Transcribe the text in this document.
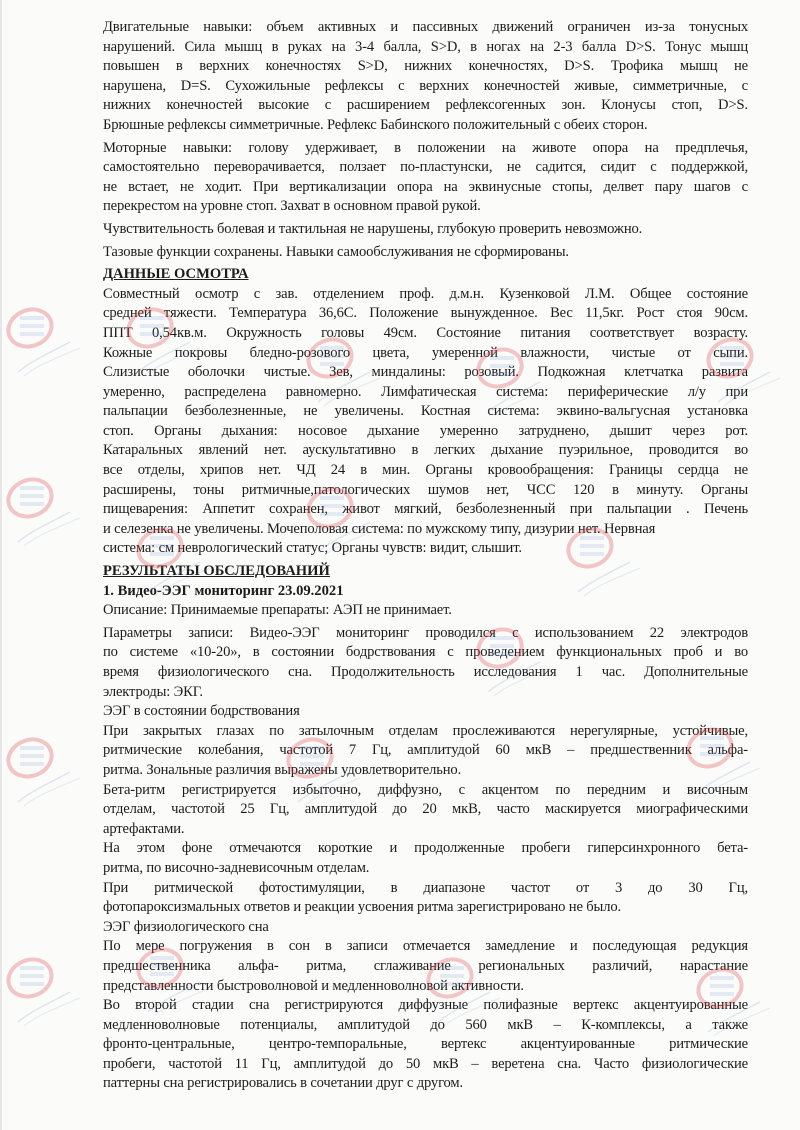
Двигательные навыки: объем активных и пассивных движений ограничен из-за тонусных
нарушений. Сила мышц в руках на 3-4 балла, S>D, в ногах на 2-3 балла D>S. Тонус мышц
повышен в верхних конечностях S>D, нижних конечностях, D>S. Трофика мышц не
нарушена, D=S. Сухожильные рефлексы с верхних конечностей живые, симметричные, с
нижних конечностей высокие с расширением рефлексогенных зон. Клонусы стоп, D>S.
Брюшные рефлексы симметричные. Рефлекс Бабинского положительный с обеих сторон.
Моторные навыки: голову удерживает, в положении на животе опора на предплечья,
самостоятельно переворачивается, ползает по-пластунски, не садится, сидит с поддержкой,
не встает, не ходит. При вертикализации опора на эквинусные стопы, делвет пару шагов с
перекрестом на уровне стоп. Захват в основном правой рукой.
Чувствительность болевая и тактильная не нарушены, глубокую проверить невозможно.
Тазовые функции сохранены. Навыки самообслуживания не сформированы.
ДАННЫЕ ОСМОТРА
Совместный осмотр с зав. отделением проф. д.м.н. Кузенковой Л.М. Общее состояние
средней тяжести. Температура 36,6С. Положение вынужденное. Вес 11,5кг. Рост стоя 90см.
ППТ 0,54кв.м. Окружность головы 49см. Состояние питания соответствует возрасту.
Кожные покровы бледно-розового цвета, умеренной влажности, чистые от сыпи.
Слизистые оболочки чистые. Зев, миндалины: розовый. Подкожная клетчатка развита
умеренно, распределена равномерно. Лимфатическая система: периферические л/у при
пальпации безболезненные, не увеличены. Костная система: эквино-вальгусная установка
стоп. Органы дыхания: носовое дыхание умеренно затруднено, дышит через рот.
Катаральных явлений нет. аускультативно в легких дыхание пуэрильное, проводится во
все отделы, хрипов нет. ЧД 24 в мин. Органы кровообращения: Границы сердца не
расширены, тоны ритмичные,патологических шумов нет, ЧСС 120 в минуту. Органы
пищеварения: Аппетит сохранен, живот мягкий, безболезненный при пальпации . Печень
и селезенка не увеличены. Мочеполовая система: по мужскому типу, дизурии нет. Нервная
система: см неврологический статус; Органы чувств: видит, слышит.
РЕЗУЛЬТАТЫ ОБСЛЕДОВАНИЙ
1. Видео-ЭЭГ мониторинг 23.09.2021
Описание: Принимаемые препараты: АЭП не принимает.
Параметры записи: Видео-ЭЭГ мониторинг проводился с использованием 22 электродов
по системе «10-20», в состоянии бодрствования с проведением функциональных проб и во
время физиологического сна. Продолжительность исследования 1 час. Дополнительные
электроды: ЭКГ.
ЭЭГ в состоянии бодрствования
При закрытых глазах по затылочным отделам прослеживаются нерегулярные, устойчивые,
ритмические колебания, частотой 7 Гц, амплитудой 60 мкВ – предшественник альфа-
ритма. Зональные различия выражены удовлетворительно.
Бета-ритм регистрируется избыточно, диффузно, с акцентом по передним и височным
отделам, частотой 25 Гц, амплитудой до 20 мкВ, часто маскируется миографическими
артефактами.
На этом фоне отмечаются короткие и продолженные пробеги гиперсинхронного бета-
ритма, по височно-задневисочным отделам.
При ритмической фотостимуляции, в диапазоне частот от 3 до 30 Гц,
фотопароксизмальных ответов и реакции усвоения ритма зарегистрировано не было.
ЭЭГ физиологического сна
По мере погружения в сон в записи отмечается замедление и последующая редукция
предшественника альфа- ритма, сглаживание региональных различий, нарастание
представленности быстроволновой и медленноволновой активности.
Во второй стадии сна регистрируются диффузные полифазные вертекс акцентуированные
медленноволновые потенциалы, амплитудой до 560 мкВ – К-комплексы, а также
фронто-центральные, центро-темпоральные, вертекс акцентуированные ритмические
пробеги, частотой 11 Гц, амплитудой до 50 мкВ – веретена сна. Часто физиологические
паттерны сна регистрировались в сочетании друг с другом.
